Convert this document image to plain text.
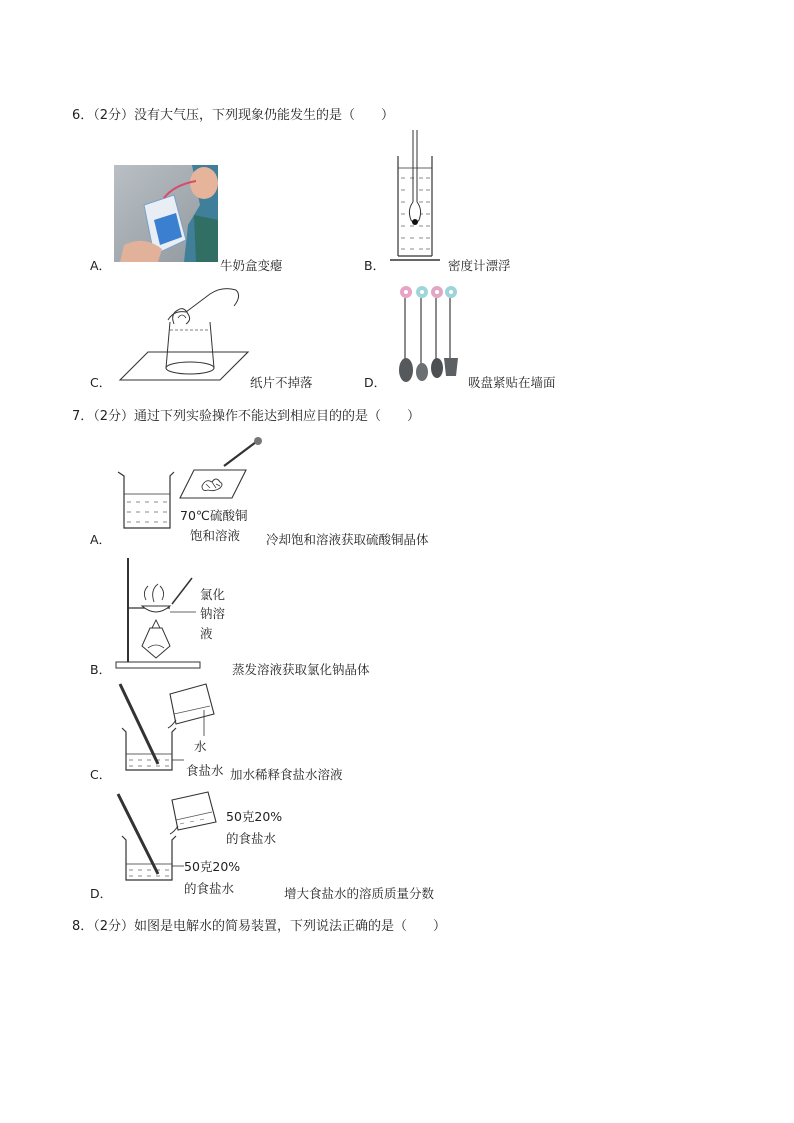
6．（2分）没有大气压，下列现象仍能发生的是（　　）
A．	牛奶盒变瘪	B．	密度计漂浮
C．	纸片不掉落	D．	吸盘紧贴在墙面
7．（2分）通过下列实验操作不能达到相应目的的是（　　）
70℃硫酸铜
饱和溶液
A．	冷却饱和溶液获取硫酸铜晶体
氯化
钠溶
液
B．	蒸发溶液获取氯化钠晶体
水
食盐水
C．	加水稀释食盐水溶液
50克20%
的食盐水
50克20%
的食盐水
D．	增大食盐水的溶质质量分数
8．（2分）如图是电解水的简易装置，下列说法正确的是（　　）
